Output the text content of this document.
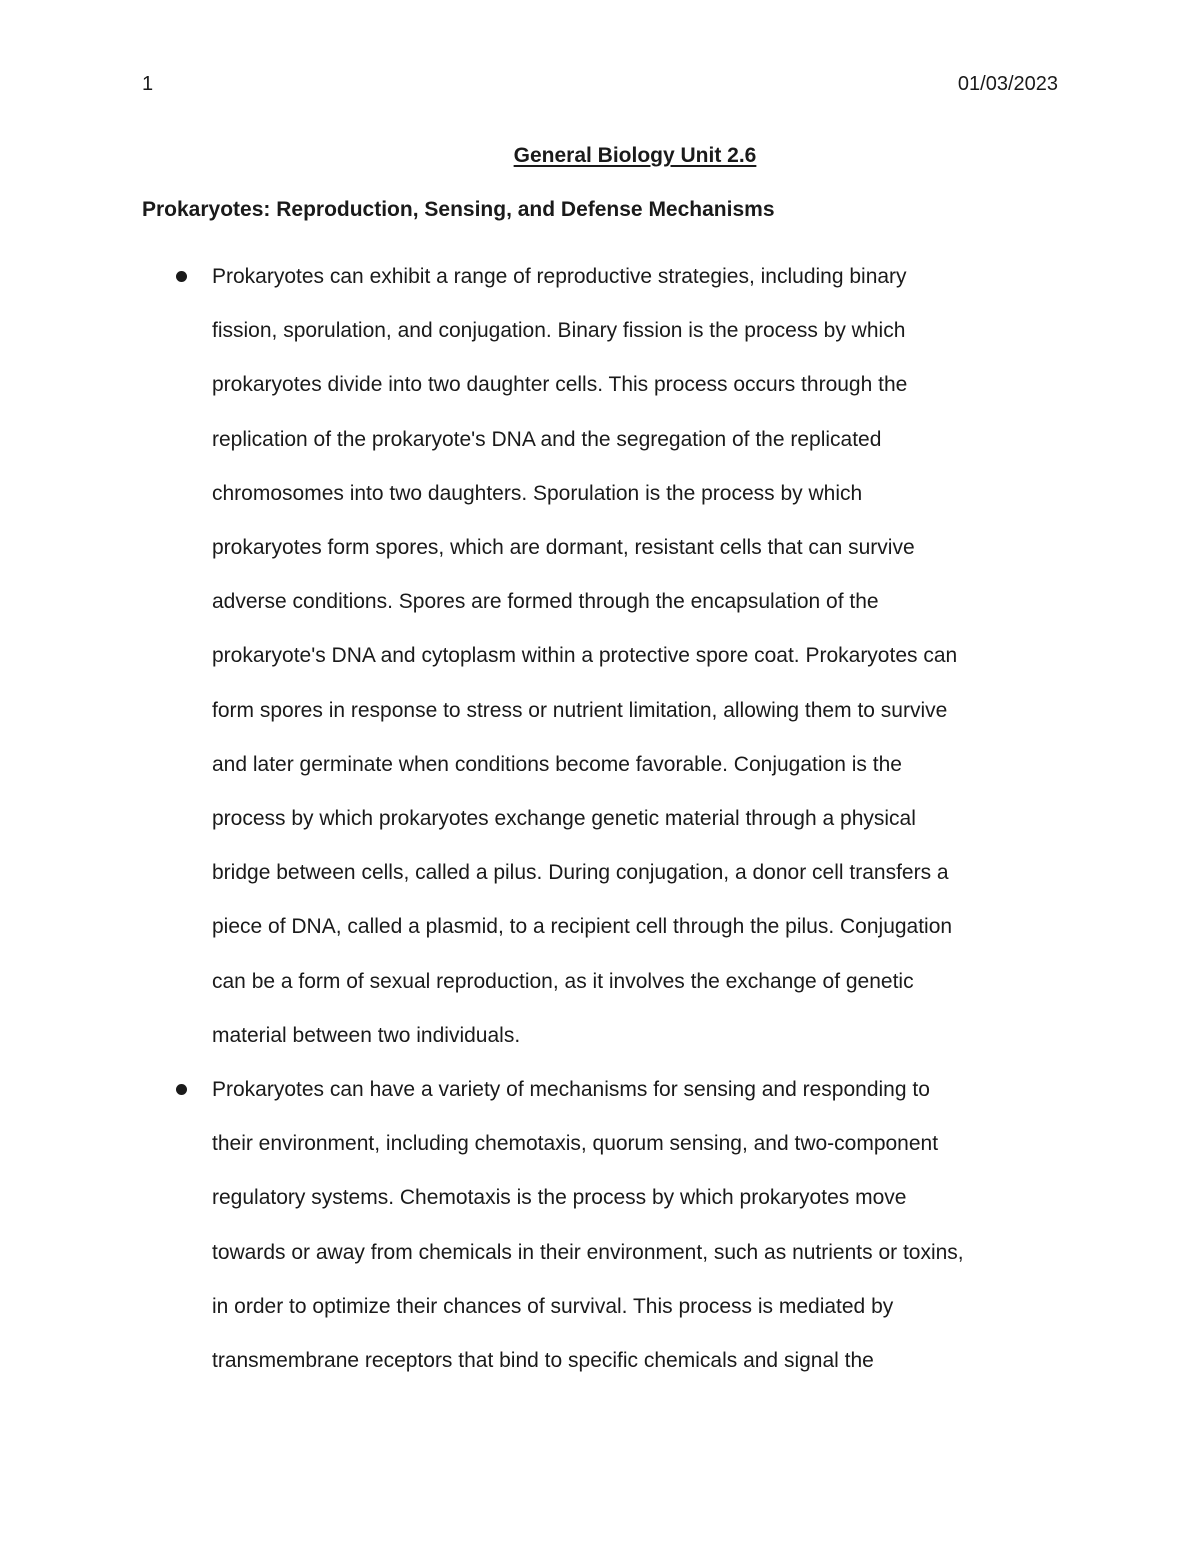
1	01/03/2023
General Biology Unit 2.6
Prokaryotes: Reproduction, Sensing, and Defense Mechanisms
Prokaryotes can exhibit a range of reproductive strategies, including binary
fission, sporulation, and conjugation. Binary fission is the process by which
prokaryotes divide into two daughter cells. This process occurs through the
replication of the prokaryote's DNA and the segregation of the replicated
chromosomes into two daughters. Sporulation is the process by which
prokaryotes form spores, which are dormant, resistant cells that can survive
adverse conditions. Spores are formed through the encapsulation of the
prokaryote's DNA and cytoplasm within a protective spore coat. Prokaryotes can
form spores in response to stress or nutrient limitation, allowing them to survive
and later germinate when conditions become favorable. Conjugation is the
process by which prokaryotes exchange genetic material through a physical
bridge between cells, called a pilus. During conjugation, a donor cell transfers a
piece of DNA, called a plasmid, to a recipient cell through the pilus. Conjugation
can be a form of sexual reproduction, as it involves the exchange of genetic
material between two individuals.
Prokaryotes can have a variety of mechanisms for sensing and responding to
their environment, including chemotaxis, quorum sensing, and two-component
regulatory systems. Chemotaxis is the process by which prokaryotes move
towards or away from chemicals in their environment, such as nutrients or toxins,
in order to optimize their chances of survival. This process is mediated by
transmembrane receptors that bind to specific chemicals and signal the
